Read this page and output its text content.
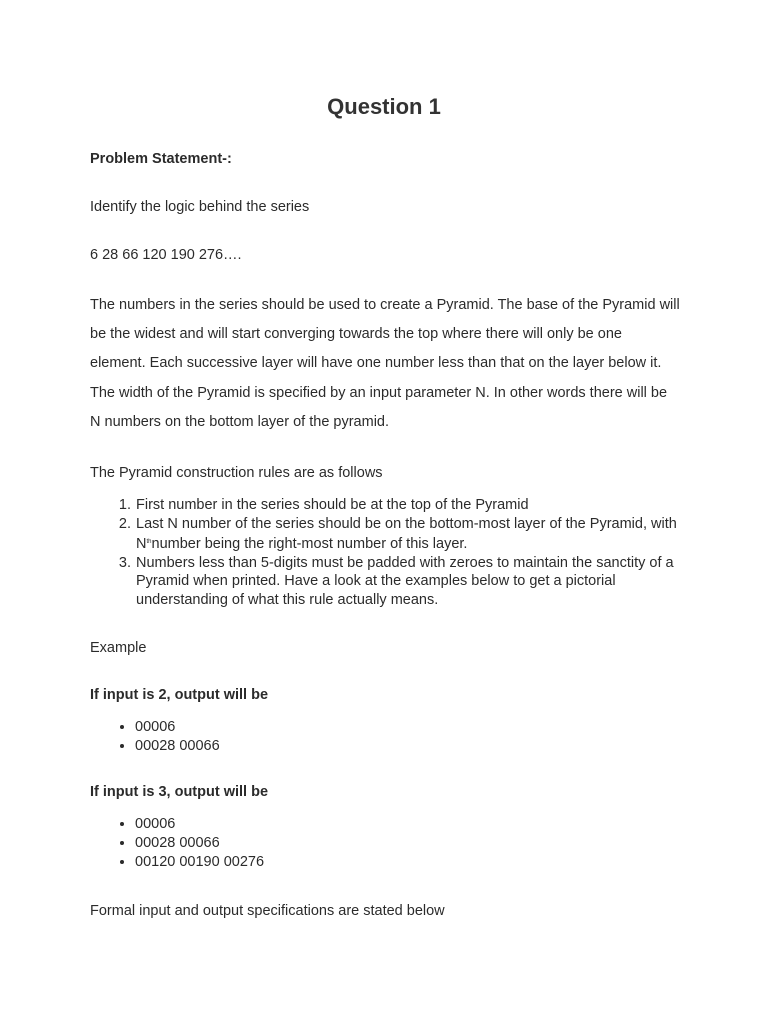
Question 1

Problem Statement-:

Identify the logic behind the series

6 28 66 120 190 276….

The numbers in the series should be used to create a Pyramid. The base of the Pyramid will be the widest and will start converging towards the top where there will only be one element. Each successive layer will have one number less than that on the layer below it. The width of the Pyramid is specified by an input parameter N. In other words there will be N numbers on the bottom layer of the pyramid.

The Pyramid construction rules are as follows

1. First number in the series should be at the top of the Pyramid
2. Last N number of the series should be on the bottom-most layer of the Pyramid, with $N^{th}number$ being the right-most number of this layer.
3. Numbers less than 5-digits must be padded with zeroes to maintain the sanctity of a Pyramid when printed. Have a look at the examples below to get a pictorial understanding of what this rule actually means.

Example

If input is 2, output will be

• 00006
• 00028 00066

If input is 3, output will be

• 00006
• 00028 00066
• 00120 00190 00276

Formal input and output specifications are stated below
